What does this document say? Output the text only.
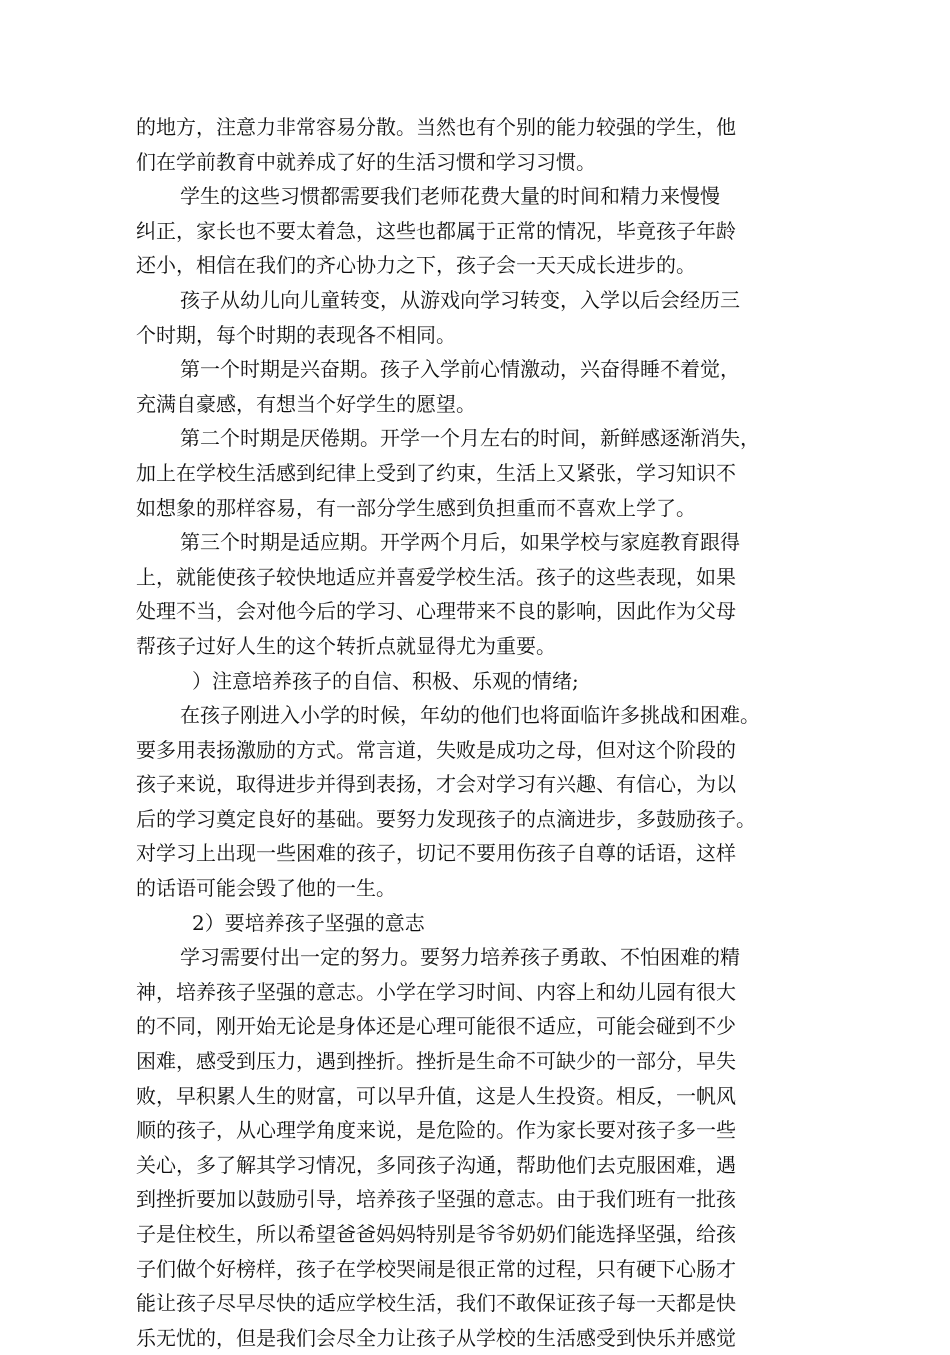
的地方，注意力非常容易分散。当然也有个别的能力较强的学生，他
们在学前教育中就养成了好的生活习惯和学习习惯。
学生的这些习惯都需要我们老师花费大量的时间和精力来慢慢
纠正，家长也不要太着急，这些也都属于正常的情况，毕竟孩子年龄
还小，相信在我们的齐心协力之下，孩子会一天天成长进步的。
孩子从幼儿向儿童转变，从游戏向学习转变，入学以后会经历三
个时期，每个时期的表现各不相同。
第一个时期是兴奋期。孩子入学前心情激动，兴奋得睡不着觉，
充满自豪感，有想当个好学生的愿望。
第二个时期是厌倦期。开学一个月左右的时间，新鲜感逐渐消失，
加上在学校生活感到纪律上受到了约束，生活上又紧张，学习知识不
如想象的那样容易，有一部分学生感到负担重而不喜欢上学了。
第三个时期是适应期。开学两个月后，如果学校与家庭教育跟得
上，就能使孩子较快地适应并喜爱学校生活。孩子的这些表现，如果
处理不当，会对他今后的学习、心理带来不良的影响，因此作为父母
帮孩子过好人生的这个转折点就显得尤为重要。
）注意培养孩子的自信、积极、乐观的情绪;
在孩子刚进入小学的时候，年幼的他们也将面临许多挑战和困难。
要多用表扬激励的方式。常言道，失败是成功之母，但对这个阶段的
孩子来说，取得进步并得到表扬，才会对学习有兴趣、有信心，为以
后的学习奠定良好的基础。要努力发现孩子的点滴进步，多鼓励孩子。
对学习上出现一些困难的孩子，切记不要用伤孩子自尊的话语，这样
的话语可能会毁了他的一生。
2）要培养孩子坚强的意志
学习需要付出一定的努力。要努力培养孩子勇敢、不怕困难的精
神，培养孩子坚强的意志。小学在学习时间、内容上和幼儿园有很大
的不同，刚开始无论是身体还是心理可能很不适应，可能会碰到不少
困难，感受到压力，遇到挫折。挫折是生命不可缺少的一部分，早失
败，早积累人生的财富，可以早升值，这是人生投资。相反，一帆风
顺的孩子，从心理学角度来说，是危险的。作为家长要对孩子多一些
关心，多了解其学习情况，多同孩子沟通，帮助他们去克服困难，遇
到挫折要加以鼓励引导，培养孩子坚强的意志。由于我们班有一批孩
子是住校生，所以希望爸爸妈妈特别是爷爷奶奶们能选择坚强，给孩
子们做个好榜样，孩子在学校哭闹是很正常的过程，只有硬下心肠才
能让孩子尽早尽快的适应学校生活，我们不敢保证孩子每一天都是快
乐无忧的，但是我们会尽全力让孩子从学校的生活感受到快乐并感觉
